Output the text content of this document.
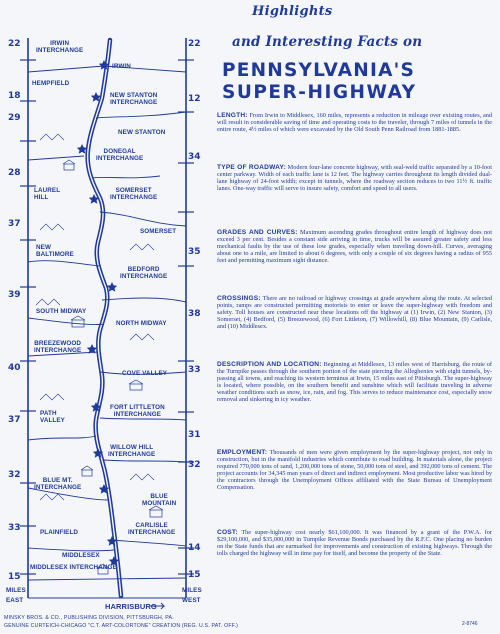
22
18
29
28
37
39
40
37
32
33
15
22
12
34
35
38
33
31
32
14
15
IRWIN
INTERCHANGE
IRWIN
HEMPFIELD
NEW STANTON
INTERCHANGE
NEW STANTON
DONEGAL
INTERCHANGE
LAUREL
HILL
SOMERSET
INTERCHANGE
SOMERSET
NEW
BALTIMORE
BEDFORD
INTERCHANGE
SOUTH MIDWAY
NORTH MIDWAY
BREEZEWOOD
INTERCHANGE
COVE VALLEY
FORT LITTLETON
INTERCHANGE
PATH
VALLEY
WILLOW HILL
INTERCHANGE
BLUE MT.
INTERCHANGE
BLUE
MOUNTAIN
CARLISLE
INTERCHANGE
PLAINFIELD
MIDDLESEX
MIDDLESEX INTERCHANGE
HARRISBURG
MILES
EAST
MILES
WEST
Highlights
and Interesting Facts on
PENNSYLVANIA'S
SUPER-HIGHWAY
LENGTH: From Irwin to Middlesex, 160 miles, represents a reduction in mileage over existing routes, and will result in considerable saving of time and operating costs to the traveler, through 7 miles of tunnels in the entire route, 4½ miles of which were excavated by the Old South Penn Railroad from 1881-1885.
TYPE OF ROADWAY: Modern four-lane concrete highway, with seal-weld traffic separated by a 10-foot center parkway. Width of each traffic lane is 12 feet. The highway carries throughout its length divided dual-lane highway of 24-foot width; except in tunnels, where the roadway section reduces to two 11½ ft. traffic lanes. One-way traffic will serve to insure safety, comfort and speed to all users.
GRADES AND CURVES: Maximum ascending grades throughout entire length of highway does not exceed 3 per cent. Besides a constant side arriving in time, trucks will be assured greater safety and less mechanical faults by the use of these low grades, especially when traveling down-hill. Curves, averaging about one to a mile, are limited to about 6 degrees, with only a couple of six degrees having a radius of 955 feet and permitting maximum sight distance.
CROSSINGS: There are no railroad or highway crossings at grade anywhere along the route. At selected points, ramps are constructed permitting motorists to enter or leave the super-highway with freedom and safety. Toll houses are constructed near these locations off the highway at (1) Irwin, (2) New Stanton, (3) Somerset, (4) Bedford, (5) Breezewood, (6) Fort Littleton, (7) Willowhill, (8) Blue Mountain, (9) Carlisle, and (10) Middlesex.
DESCRIPTION AND LOCATION: Beginning at Middlesex, 13 miles west of Harrisburg, the route of the Turnpike passes through the southern portion of the state piercing the Alleghenies with eight tunnels, by-passing all towns, and reaching its western terminus at Irwin, 15 miles east of Pittsburgh. The super-highway is located, where possible, on the southern benefit and sunshine which will facilitate traveling in adverse weather conditions such as snow, ice, rain, and fog. This serves to reduce maintenance cost, especially snow removal and sinkering in icy weather.
EMPLOYMENT: Thousands of men were given employment by the super-highway project, not only in construction, but in the manifold industries which contribute to road building. In materials alone, the project required 770,000 tons of sand, 1,200,000 tons of stone, 50,000 tons of steel, and 392,000 tons of cement. The project accounts for 34,345 man years of direct and indirect employment. Most productive labor was hired by the contractors through the Unemployment Offices affiliated with the State Bureau of Unemployment Compensation.
COST: The super-highway cost nearly $61,100,000. It was financed by a grant of the P.W.A. for $29,100,000, and $35,000,000 in Turnpike Revenue Bonds purchased by the R.F.C. One placing no burden on the State funds that are earmarked for improvements and construction of existing highways. Through the tolls charged the highway will in time pay for itself, and become the property of the State.
MINSKY BROS. & CO., PUBLISHING DIVISION, PITTSBURGH, PA.
GENUINE CURTEICH-CHICAGO "C.T. ART-COLORTONE" CREATION (REG. U.S. PAT. OFF.)	2-8746
